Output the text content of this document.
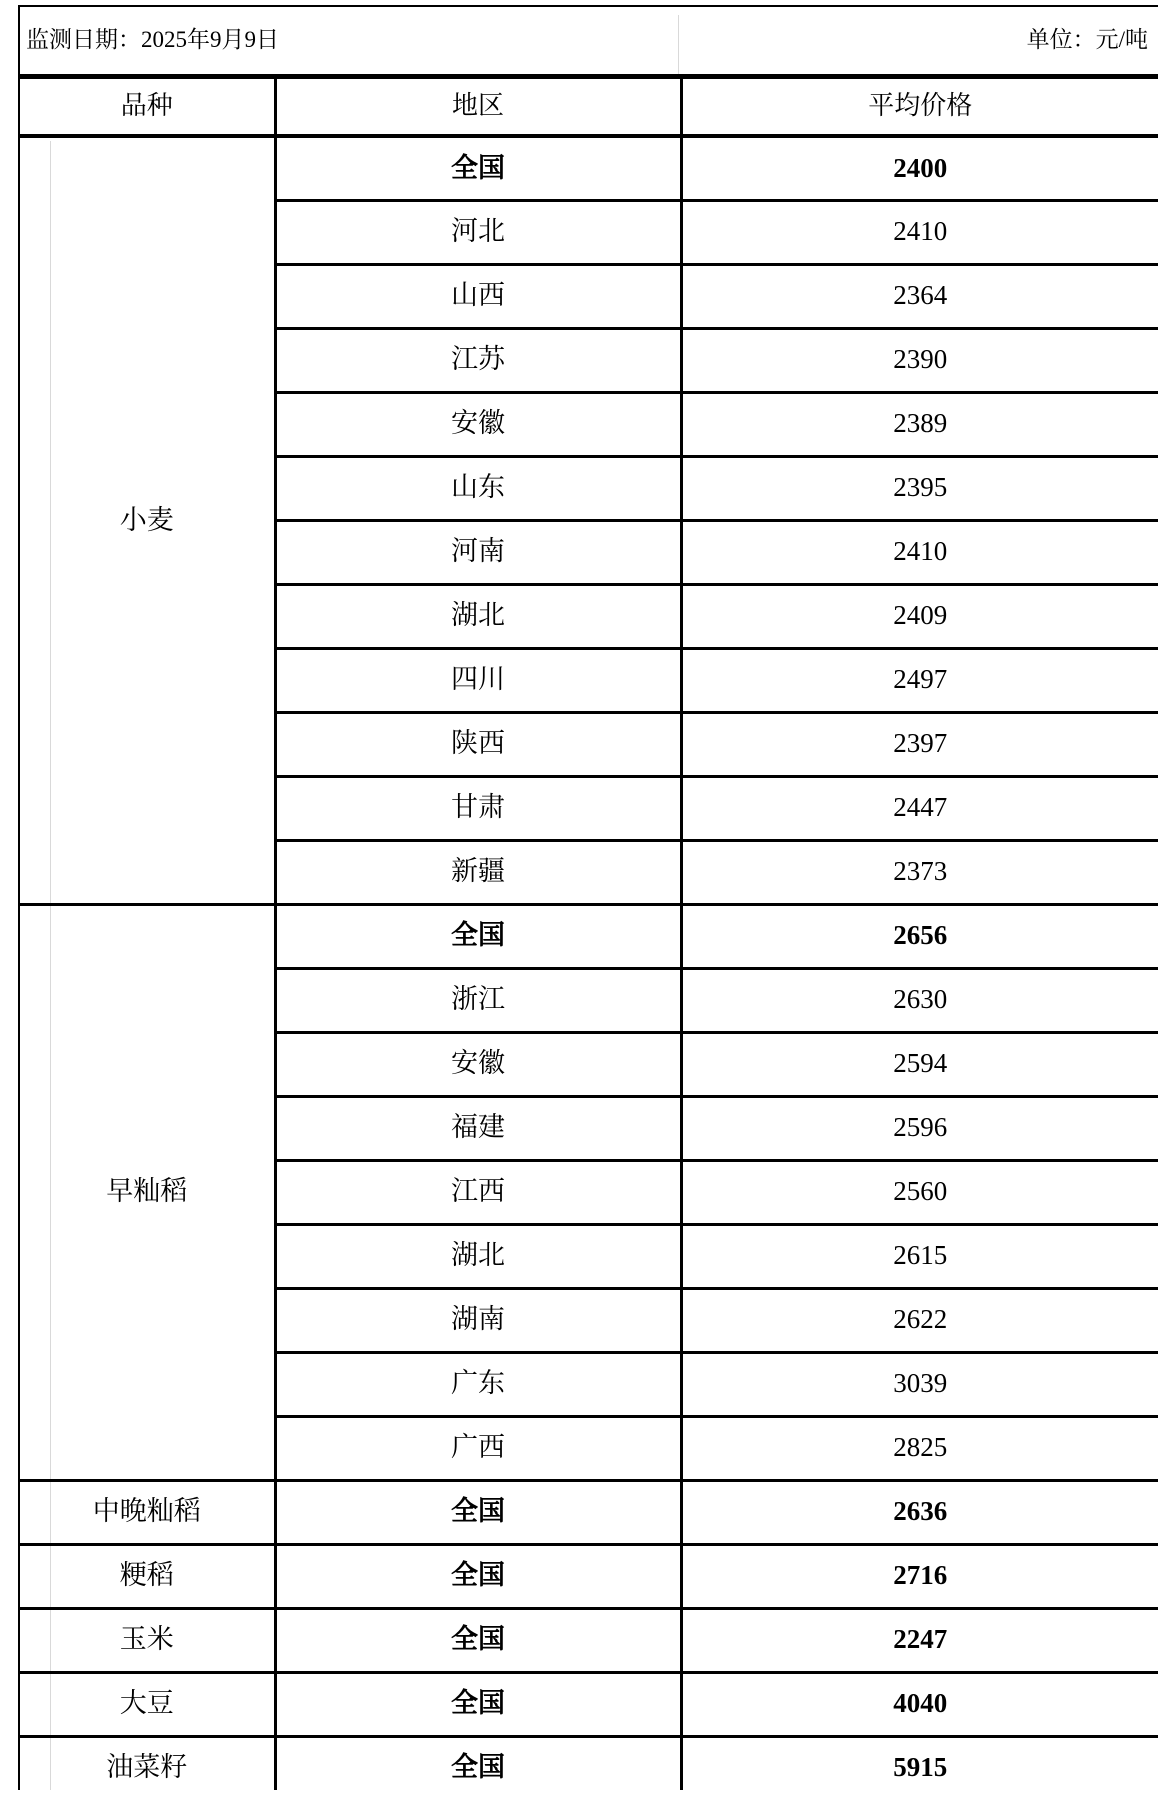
监测日期：2025年9月9日 单位：元/吨		

品种	地区	平均价格
小麦	全国	2400
	河北	2410
	山西	2364
	江苏	2390
	安徽	2389
	山东	2395
	河南	2410
	湖北	2409
	四川	2497
	陕西	2397
	甘肃	2447
	新疆	2373
早籼稻	全国	2656
	浙江	2630
	安徽	2594
	福建	2596
	江西	2560
	湖北	2615
	湖南	2622
	广东	3039
	广西	2825
中晚籼稻	全国	2636
粳稻	全国	2716
玉米	全国	2247
大豆	全国	4040
油菜籽	全国	5915
